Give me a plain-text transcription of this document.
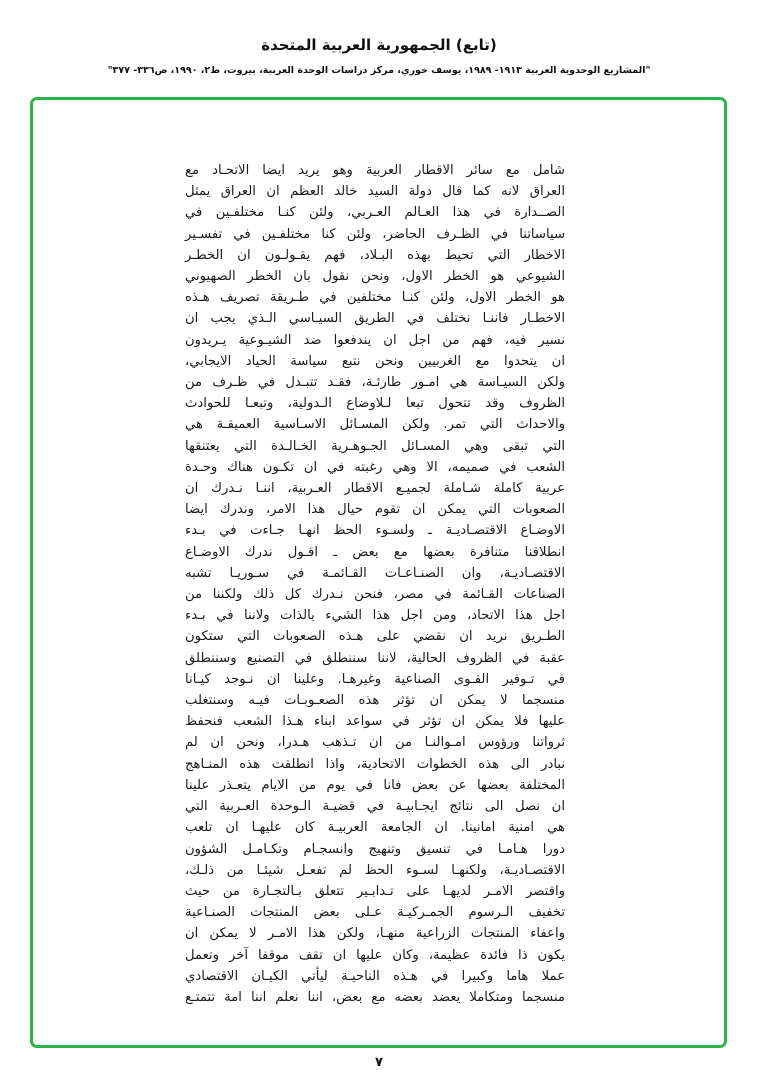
(تابع) الجمهورية العربية المتحدة
"المشاريع الوحدوية العربية ١٩١٣- ١٩٨٩، يوسف خوري، مركز دراسات الوحدة العربية، بيروت، ط٢، ١٩٩٠، ص٣٣٦- ٣٧٧"
شامل مع سائر الاقطار العربية وهو يريد ايضا الاتحـاد مع
العراق لانه كما قال دولة السيد خالد العظم ان العراق يمثل
الصــدارة في هذا العـالم العـربي، ولئن كنـا مختلفـين في
سياساتنا في الظـرف الحاضر، ولئن كنا مختلفـين في تفسـير
الاخطار التي تحيط بهذه البـلاد، فهم يقـولـون ان الخطـر
الشيوعي هو الخطر الاول، ونحن نقول بان الخطر الصهيوني
هو الخطر الاول، ولئن كنـا مختلفين في طـريقة تصريف هـذه
الاخطـار فاننـا نختلف في الطريق السيـاسي الـذي يجب ان
نسير فيه، فهم من اجل ان يندفعوا ضد الشيـوعية يـريدون
ان يتحدوا مع الغربيين ونحن نتبع سياسة الحياد الايجابي،
ولكن السيـاسة هي امـور طارئـة، فقـد تتبـدل في ظـرف من
الظروف وقد تتحول تبعا لـلاوضاع الـدولية، وتبعـا للحوادث
والاحداث التي تمر. ولكن المسـائل الاسـاسية العميقـة هي
التي تبقى وهي المسـائل الجـوهـرية الخـالـدة التي يعتنقها
الشعب في صميمه، الا وهي رغبته في ان تكـون هناك وحـدة
عربية كاملة شـاملة لجميـع الاقطار العـربية، اننـا نـدرك ان
الصعوبات التي يمكن ان تقوم حيال هذا الامر، وندرك ايضا
الاوضـاع الاقتصـاديـة ـ ولسـوء الحظ انهـا جـاءت في بـدء
انطلاقنا متنافرة بعضها مع بعض ـ اقـول ندرك الاوضـاع
الاقتصـاديـة، وان الصنـاعـات القـائمـة في سـوريـا تشبه
الصناعات القـائمة في مصر، فنحن نـدرك كل ذلك ولكننا من
اجل هذا الاتحاد، ومن اجل هذا الشيء بالذات ولاننا في بـدء
الطـريق نريد ان نقضي على هـذه الصعوبات التي ستكون
عقبة في الظروف الحالية، لاننا سننطلق في التصنيع وسننطلق
في تـوفير القـوى الصناعية وغيرهـا. وعلينا ان نـوجد كيـانا
منسجما لا يمكن ان تؤثر هذه الصعـوبـات فيـه وسنتغلب
عليها فلا يمكن ان تؤثر في سواعد ابناء هـذا الشعب فنحفظ
ثرواتنا ورؤوس امـوالنـا من ان تـذهب هـدرا، ونحن ان لم
نبادر الى هذه الخطوات الاتحادية، واذا انطلقت هذه المنـاهج
المختلفة بعضها عن بعض فانا في يوم من الايام يتعـذر علينا
ان نصل الى نتائج ايجـابيـة في قضيـة الـوحدة العـربية التي
هي امنية امانينا. ان الجامعة العربيـة كان عليهـا ان تلعب
دورا هـامـا في تنسيق وتنهيج وانسجـام وتكـامـل الشؤون
الاقتصـاديـة، ولكنهـا لسـوء الحظ لم تفعـل شيئـا من ذلـك،
واقتصر الامـر لديهـا على تـدابـير تتعلق بـالتجـارة من حيث
تخفيف الـرسوم الجمـركيـة عـلى بعض المنتجات الصنـاعية
واعفاء المنتجات الزراعية منهـا، ولكن هذا الامـر لا يمكن ان
يكون ذا فائدة عظيمة، وكان عليها ان تقف موقفا آخر وتعمل
عملا هاما وكبيرا في هـذه الناحيـة ليأتي الكيـان الاقتصادي
منسجما ومتكاملا يعضد بعضه مع بعض، اننا نعلم اننا امة تتمتـع
٧
